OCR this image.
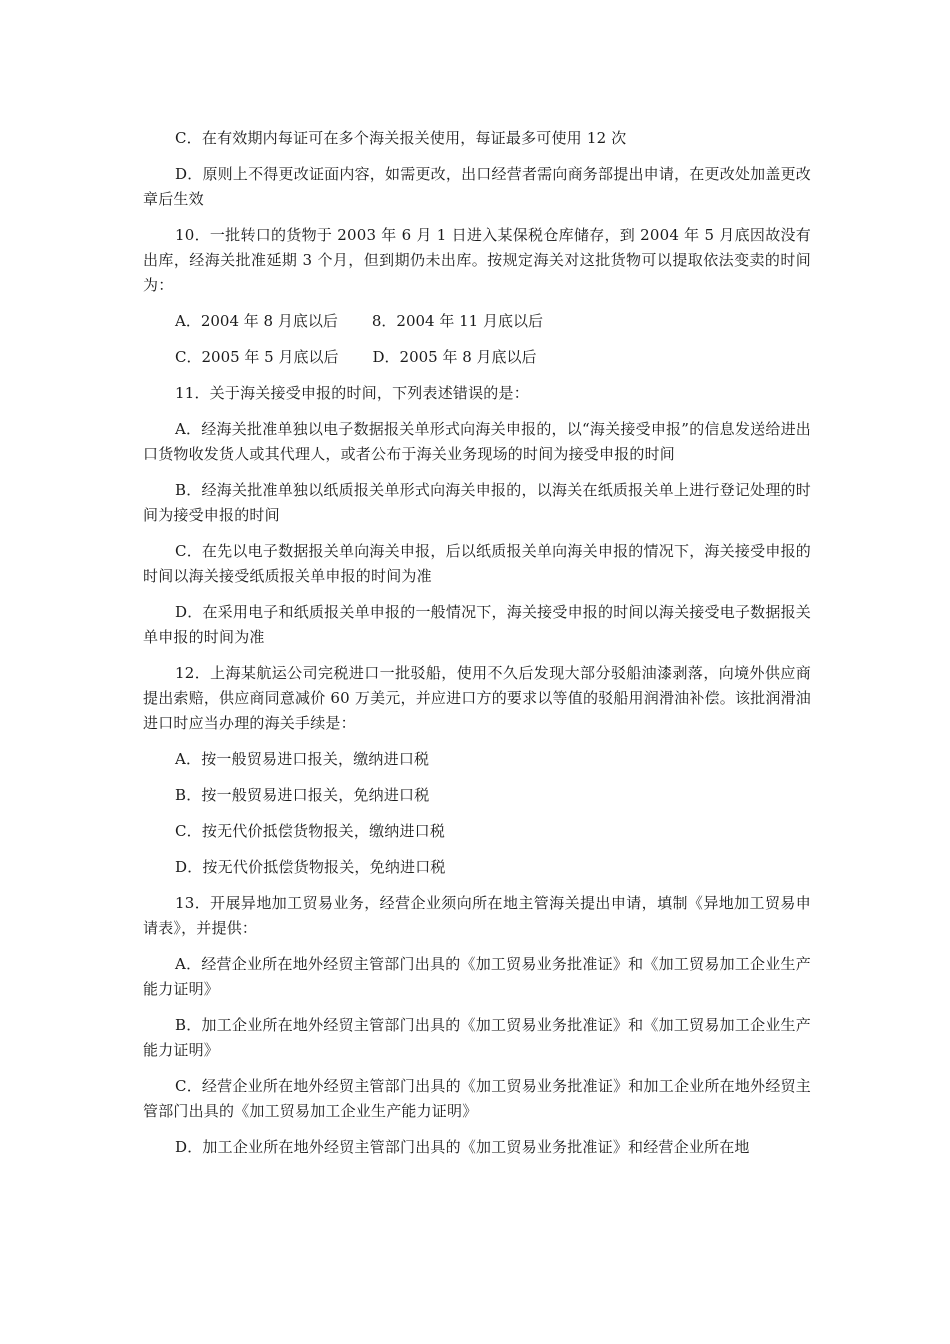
C．在有效期内每证可在多个海关报关使用，每证最多可使用 12 次

D．原则上不得更改证面内容，如需更改，出口经营者需向商务部提出申请，在更改处加盖更改章后生效

10．一批转口的货物于 2003 年 6 月 1 日进入某保税仓库储存，到 2004 年 5 月底因故没有出库，经海关批准延期 3 个月，但到期仍未出库。按规定海关对这批货物可以提取依法变卖的时间为：

A．2004 年 8 月底以后 8．2004 年 11 月底以后
C．2005 年 5 月底以后 D．2005 年 8 月底以后

11．关于海关接受申报的时间，下列表述错误的是：

A．经海关批准单独以电子数据报关单形式向海关申报的，以“海关接受申报”的信息发送给进出口货物收发货人或其代理人，或者公布于海关业务现场的时间为接受申报的时间

B．经海关批准单独以纸质报关单形式向海关申报的，以海关在纸质报关单上进行登记处理的时间为接受申报的时间

C．在先以电子数据报关单向海关申报，后以纸质报关单向海关申报的情况下，海关接受申报的时间以海关接受纸质报关单申报的时间为准

D．在采用电子和纸质报关单申报的一般情况下，海关接受申报的时间以海关接受电子数据报关单申报的时间为准

12．上海某航运公司完税进口一批驳船，使用不久后发现大部分驳船油漆剥落，向境外供应商提出索赔，供应商同意减价 60 万美元，并应进口方的要求以等值的驳船用润滑油补偿。该批润滑油进口时应当办理的海关手续是：

A．按一般贸易进口报关，缴纳进口税

B．按一般贸易进口报关，免纳进口税

C．按无代价抵偿货物报关，缴纳进口税

D．按无代价抵偿货物报关，免纳进口税

13．开展异地加工贸易业务，经营企业须向所在地主管海关提出申请，填制《异地加工贸易申请表》，并提供：

A．经营企业所在地外经贸主管部门出具的《加工贸易业务批准证》和《加工贸易加工企业生产能力证明》

B．加工企业所在地外经贸主管部门出具的《加工贸易业务批准证》和《加工贸易加工企业生产能力证明》

C．经营企业所在地外经贸主管部门出具的《加工贸易业务批准证》和加工企业所在地外经贸主管部门出具的《加工贸易加工企业生产能力证明》

D．加工企业所在地外经贸主管部门出具的《加工贸易业务批准证》和经营企业所在地
